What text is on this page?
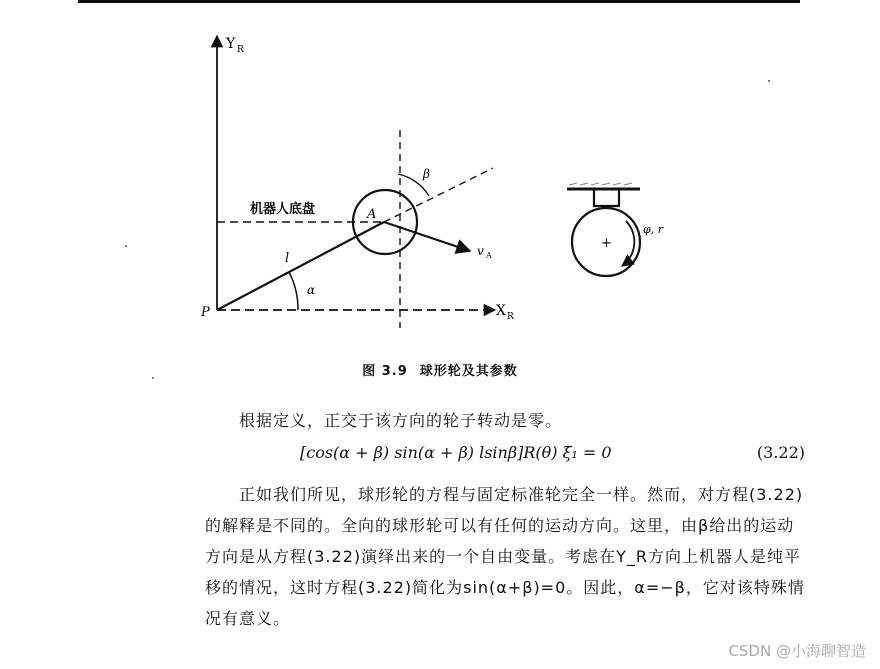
Y R
X R
机器人底盘
l
α
P
β
A
v A
+
φ, r
图 3.9 球形轮及其参数
根据定义，正交于该方向的轮子转动是零。
[cos(α + β) sin(α + β) lsinβ]R(θ) ξ̇₁ = 0	(3.22)
正如我们所见，球形轮的方程与固定标准轮完全一样。然而，对方程(3.22)的解释是不同的。全向的球形轮可以有任何的运动方向。这里，由β给出的运动方向是从方程(3.22)演绎出来的一个自由变量。考虑在Y_R方向上机器人是纯平移的情况，这时方程(3.22)简化为sin(α+β)=0。因此，α=−β，它对该特殊情况有意义。
CSDN @小海聊智造
